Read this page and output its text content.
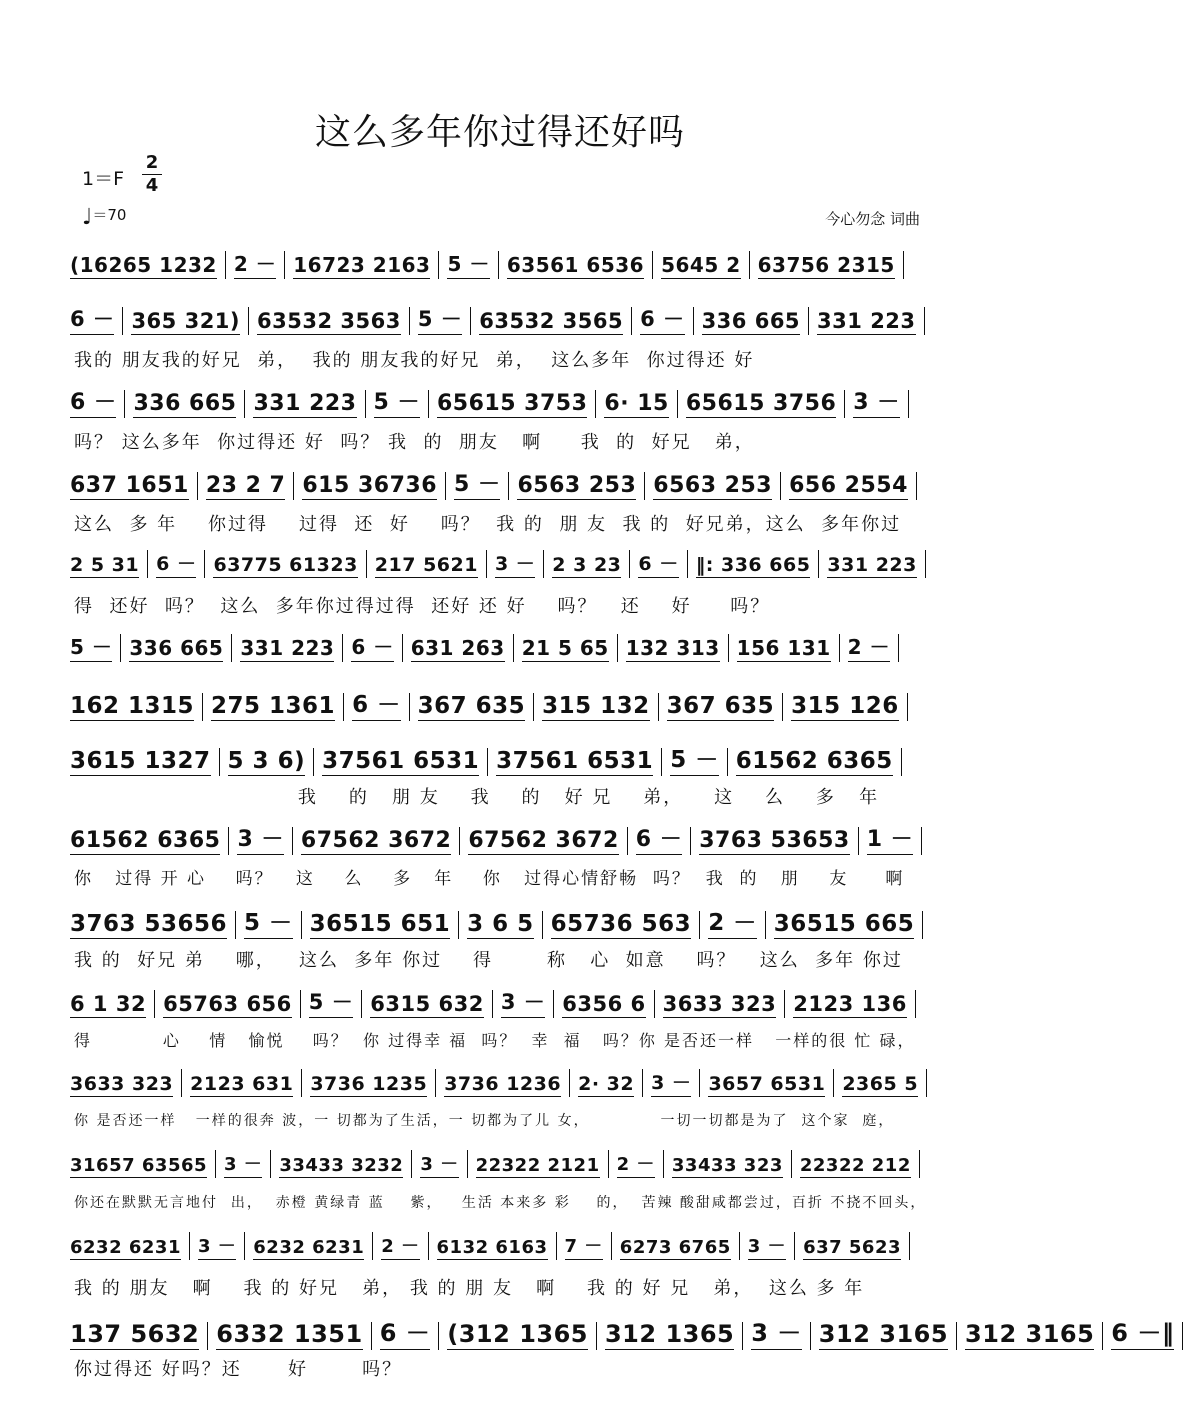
这么多年你过得还好吗
1＝F
2
4
♩＝70	今心勿念 词曲
(16265 1232 2 － 16723 2163 5 － 63561 6536 5645 2 63756 2315
6 － 365 321) 63532 3563 5 － 63532 3565 6 － 336 665 331 223
我的 朋友我的好兄  弟，  我的 朋友我的好兄  弟，  这么多年  你过得还 好
6 － 336 665 331 223 5 － 65615 3753 6· 15 65615 3756 3 －
吗？ 这么多年  你过得还 好  吗？ 我  的  朋友   啊     我  的  好兄   弟，
637 1651 23 2 7 615 36736 5 － 6563 253 6563 253 656 2554
这么  多 年    你过得    过得  还  好    吗？  我 的  朋 友  我 的  好兄弟，这么  多年你过
2 5 31 6 － 63775 61323 217 5621 3 － 2 3 23 6 － ‖: 336 665 331 223
得  还好  吗？  这么  多年你过得过得  还好 还 好    吗？   还    好     吗？
5 － 336 665 331 223 6 － 631 263 21 5 65 132 313 156 131 2 －
162 1315 275 1361 6 － 367 635 315 132 367 635 315 126
3615 1327 5 3 6) 37561 6531 37561 6531 5 － 61562 6365
我    的   朋 友    我    的   好 兄    弟，    这    么    多   年
61562 6365 3 － 67562 3672 67562 3672 6 － 3763 53653 1 －
你   过得 开 心    吗？   这    么    多   年    你   过得心情舒畅  吗？  我  的   朋    友     啊
3763 53656 5 － 36515 651 3 6 5 65736 563 2 － 36515 665
我 的  好兄 弟    哪，   这么  多年 你过    得       称   心  如意    吗？   这么  多年 你过
6 1 32 65763 656 5 － 6315 632 3 － 6356 6 3633 323 2123 136
得          心    情   愉悦    吗？  你 过得幸 福  吗？  幸  福   吗？你 是否还一样   一样的很 忙 碌，
3633 323 2123 631 3736 1235 3736 1236 2· 32 3 － 3657 6531 2365 5
你 是否还一样   一样的很奔 波，一 切都为了生活，一 切都为了儿 女，           一切一切都是为了  这个家  庭，
31657 63565 3 － 33433 3232 3 － 22322 2121 2 － 33433 323 22322 212
你还在默默无言地付  出，  赤橙 黄绿青 蓝    紫，   生活 本来多 彩    的，  苦辣 酸甜咸都尝过，百折 不挠不回头，
6232 6231 3 － 6232 6231 2 － 6132 6163 7 － 6273 6765 3 － 637 5623
我 的 朋友   啊    我 的 好兄   弟， 我 的 朋 友   啊    我 的 好 兄   弟，  这么 多 年
137 5632 6332 1351 6 － (312 1365 312 1365 3 － 312 3165 312 3165 6 －‖
你过得还 好吗？还      好       吗？
